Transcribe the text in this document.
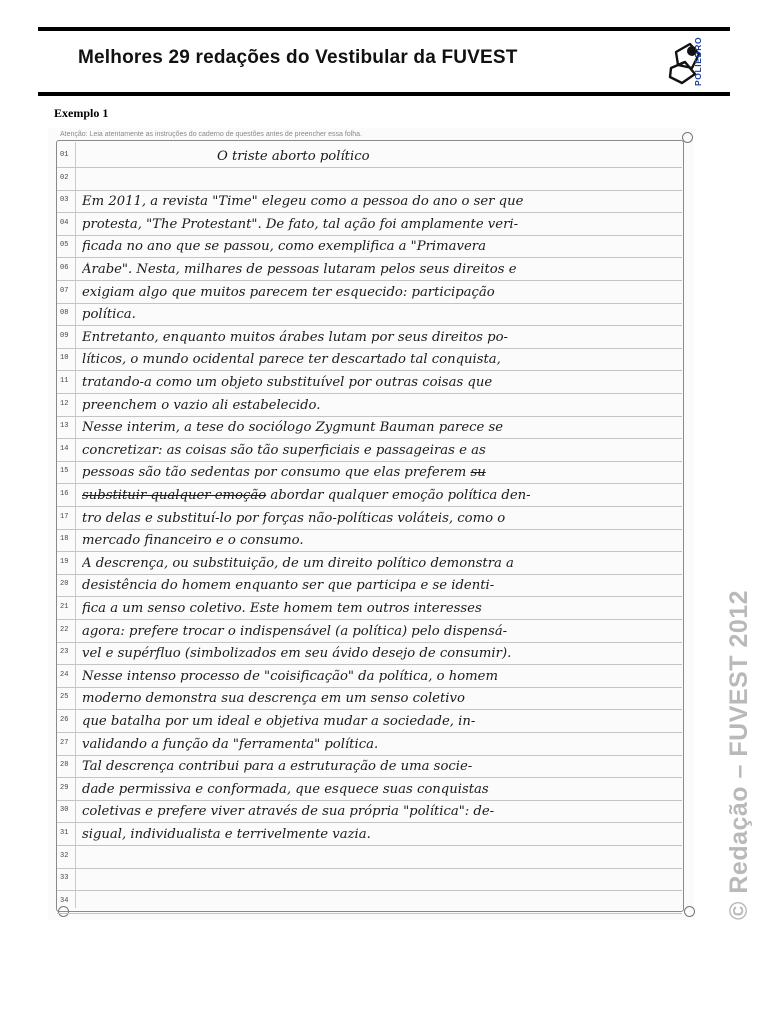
Melhores 29 redações do Vestibular da FUVEST	POLIEDRO
Exemplo 1
Atenção: Leia atentamente as instruções do caderno de questões antes de preencher essa folha.
01	O triste aborto político
02
03	Em 2011, a revista "Time" elegeu como a pessoa do ano o ser que
04	protesta, "The Protestant". De fato, tal ação foi amplamente veri-
05	ficada no ano que se passou, como exemplifica a "Primavera
06	Árabe". Nesta, milhares de pessoas lutaram pelos seus direitos e
07	exigiam algo que muitos parecem ter esquecido: participação
08	política.
09	Entretanto, enquanto muitos árabes lutam por seus direitos po-
10	líticos, o mundo ocidental parece ter descartado tal conquista,
11	tratando-a como um objeto substituível por outras coisas que
12	preenchem o vazio ali estabelecido.
13	Nesse interim, a tese do sociólogo Zygmunt Bauman parece se
14	concretizar: as coisas são tão superficiais e passageiras e as
15	pessoas são tão sedentas por consumo que elas preferem su
16	substituir qualquer emoção abordar qualquer emoção política den-
17	tro delas e substituí-lo por forças não-políticas voláteis, como o
18	mercado financeiro e o consumo.
19	A descrença, ou substituição, de um direito político demonstra a
20	desistência do homem enquanto ser que participa e se identi-
21	fica a um senso coletivo. Este homem tem outros interesses
22	agora: prefere trocar o indispensável (a política) pelo dispensá-
23	vel e supérfluo (simbolizados em seu ávido desejo de consumir).
24	Nesse intenso processo de "coisificação" da política, o homem
25	moderno demonstra sua descrença em um senso coletivo
26	que batalha por um ideal e objetiva mudar a sociedade, in-
27	validando a função da "ferramenta" política.
28	Tal descrença contribui para a estruturação de uma socie-
29	dade permissiva e conformada, que esquece suas conquistas
30	coletivas e prefere viver através de sua própria "política": de-
31	sigual, individualista e terrivelmente vazia.
32
33
34	© Redação – FUVEST 2012
